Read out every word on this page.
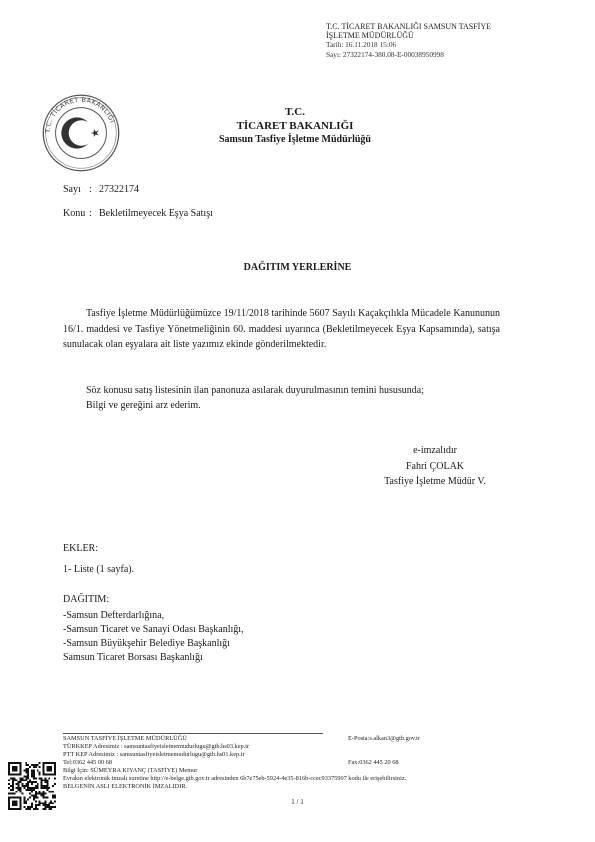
T.C. TİCARET BAKANLIĞI SAMSUN TASFİYE
İŞLETME MÜDÜRLÜĞÜ
Tarih: 16.11.2018 15:06
Sayı: 27322174-380.08-E-00038950998
T.C. TİCARET BAKANLIĞI
T.C.
TİCARET BAKANLIĞI
Samsun Tasfiye İşletme Müdürlüğü
Sayı : 27322174
Konu : Bekletilmeyecek Eşya Satışı
DAĞITIM YERLERİNE

Tasfiye İşletme Müdürlüğümüzce 19/11/2018 tarihinde 5607 Sayılı Kaçakçılıkla Mücadele Kanununun 16/1. maddesi ve Tasfiye Yönetmeliğinin 60. maddesi uyarınca (Bekletilmeyecek Eşya Kapsamında), satışa sunulacak olan eşyalara ait liste yazımız ekinde gönderilmektedir.

Söz konusu satış listesinin ilan panonuza asılarak duyurulmasının temini hususunda;

Bilgi ve gereğini arz ederim.

e-imzalıdır
Fahri ÇOLAK
Tasfiye İşletme Müdür V.
EKLER:
1- Liste (1 sayfa).
DAĞITIM:
-Samsun Defterdarlığına,
-Samsun Ticaret ve Sanayi Odası Başkanlığı,
-Samsun Büyükşehir Belediye Başkanlığı
Samsun Ticaret Borsası Başkanlığı
SAMSUN TASFİYE İŞLETME MÜDÜRLÜĞÜ	E-Posta:s.alkan3@gtb.gov.tr
TÜRKKEP Adresimiz : samsuntasfiyeisletmemudurlugu@gtb.hs03.kep.tr
PTT KEP Adresimiz : samsuntasfiyeisletmemudurlugu@gtb.hs01.kep.tr
Tel:0362 445 00 68	Fax:0362 445 20 68
Bilgi İçin: SÜMEYRA KIYANÇ (TASFİYE) Memur
Evrakın elektronik imzalı suretine http://e-belge.gtb.gov.tr adresinden 6b7e75eb-5924-4e35-816b-ccec93375907 kodu ile erişebilirsiniz.
BELGENİN ASLI ELEKTRONİK İMZALIDIR.
1 / 1
